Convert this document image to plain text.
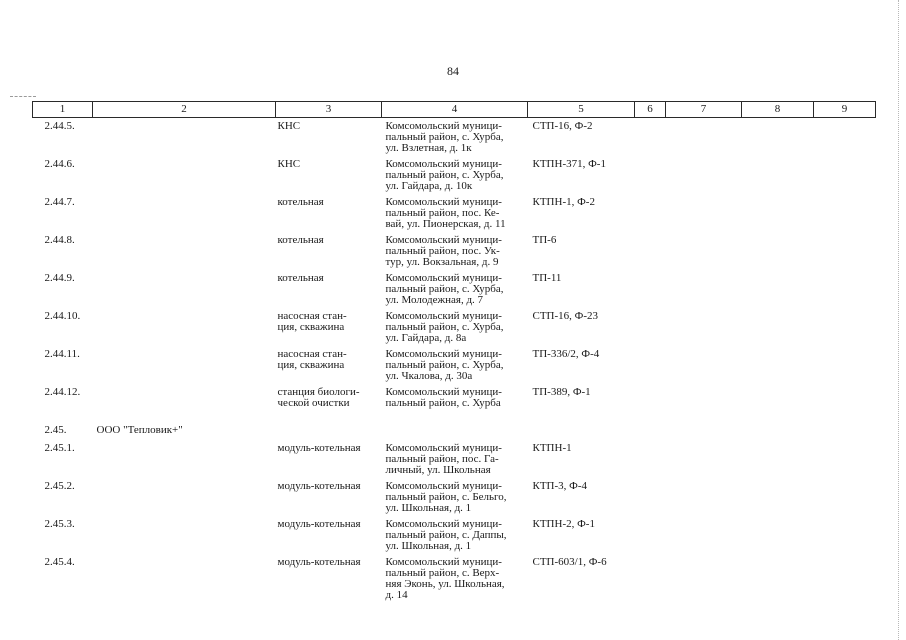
84
1	2	3	4	5	6	7	8	9
2.44.5.		КНС	Комсомольский муници-
пальный район, с. Хурба,
ул. Взлетная, д. 1к	СТП-16, Ф-2				
2.44.6.		КНС	Комсомольский муници-
пальный район, с. Хурба,
ул. Гайдара, д. 10к	КТПН-371, Ф-1				
2.44.7.		котельная	Комсомольский муници-
пальный район, пос. Ке-
вай, ул. Пионерская, д. 11	КТПН-1, Ф-2				
2.44.8.		котельная	Комсомольский муници-
пальный район, пос. Ук-
тур, ул. Вокзальная, д. 9	ТП-6				
2.44.9.		котельная	Комсомольский муници-
пальный район, с. Хурба,
ул. Молодежная, д. 7	ТП-11				
2.44.10.		насосная стан-
ция, скважина	Комсомольский муници-
пальный район, с. Хурба,
ул. Гайдара, д. 8а	СТП-16, Ф-23				
2.44.11.		насосная стан-
ция, скважина	Комсомольский муници-
пальный район, с. Хурба,
ул. Чкалова, д. 30а	ТП-336/2, Ф-4				
2.44.12.		станция биологи-
ческой очистки	Комсомольский муници-
пальный район, с. Хурба	ТП-389, Ф-1				
2.45.	ООО "Тепловик+"							
2.45.1.		модуль-котельная	Комсомольский муници-
пальный район, пос. Га-
личный, ул. Школьная	КТПН-1				
2.45.2.		модуль-котельная	Комсомольский муници-
пальный район, с. Бельго,
ул. Школьная, д. 1	КТП-3, Ф-4				
2.45.3.		модуль-котельная	Комсомольский муници-
пальный район, с. Даппы,
ул. Школьная, д. 1	КТПН-2, Ф-1				
2.45.4.		модуль-котельная	Комсомольский муници-
пальный район, с. Верх-
няя Эконь, ул. Школьная,
д. 14	СТП-603/1, Ф-6				
